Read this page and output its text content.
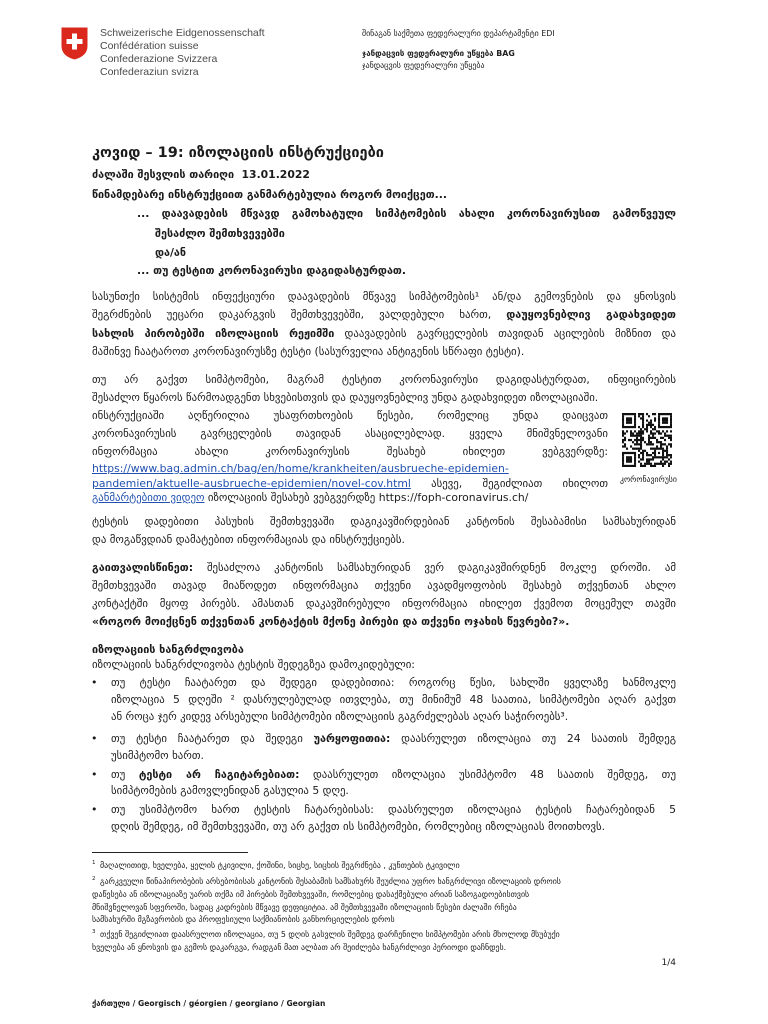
Schweizerische Eidgenossenschaft
Confédération suisse
Confederazione Svizzera
Confederaziun svizra
შინაგან საქმეთა ფედერალური დეპარტამენტი EDI
ჯანდაცვის ფედერალური უწყება BAG
ჯანდაცვის ფედერალური უწყება
კოვიდ – 19: იზოლაციის ინსტრუქციები
ძალაში შესვლის თარიღი  13.01.2022
წინამდებარე ინსტრუქციით განმარტებულია როგორ მოიქცეთ...
... დაავადების მწვავდ გამოხატული სიმპტომების ახალი კორონავირუსით გამოწვეულ
შესაძლო შემთხვევებში
და/ან
... თუ ტესტით კორონავირუსი დაგიდასტურდათ.
სასუნთქი სისტემის ინფექციური დაავადების მწვავე სიმპტომების¹ ან/და გემოვნების და ყნოსვის
შეგრძნების უეცარი დაკარგვის შემთხვევებში, ვალდებული ხართ, დაუყოვნებლივ გადახვიდეთ
სახლის პირობებში იზოლაციის რეჟიმში დაავადების გავრცელების თავიდან აცილების მიზნით და
მაშინვე ჩაატაროთ კორონავირუსზე ტესტი (სასურველია ანტიგენის სწრაფი ტესტი).
თუ არ გაქვთ სიმპტომები, მაგრამ ტესტით კორონავირუსი დაგიდასტურდათ, ინფიცირების
შესაძლო წყაროს წარმოადგენთ სხვებისთვის და დაუყოვნებლივ უნდა გადახვიდეთ იზოლაციაში.
ინსტრუქციაში აღწერილია უსაფრთხოების წესები, რომელიც უნდა დაიცვათ
კორონავირუსის გავრცელების თავიდან ასაცილებლად. ყველა მნიშვნელოვანი
ინფორმაცია ახალი კორონავირუსის შესახებ იხილეთ ვებგვერდზე:
https://www.bag.admin.ch/bag/en/home/krankheiten/ausbrueche-epidemien-
pandemien/aktuelle-ausbrueche-epidemien/novel-cov.html ასევე, შეგიძლიათ იხილოთ
განმარტებითი ვიდეო იზოლაციის შესახებ ვებგვერდზე https://foph-coronavirus.ch/
კორონავირუსი
ტესტის დადებითი პასუხის შემთხვევაში დაგიკავშირდებიან კანტონის შესაბამისი სამსახურიდან
და მოგაწვდიან დამატებით ინფორმაციას და ინსტრუქციებს.
გაითვალისწინეთ: შესაძლოა კანტონის სამსახურიდან ვერ დაგიკავშირდნენ მოკლე დროში. ამ
შემთხვევაში თავად მიაწოდეთ ინფორმაცია თქვენი ავადმყოფობის შესახებ თქვენთან ახლო
კონტაქტში მყოფ პირებს. ამასთან დაკავშირებული ინფორმაცია იხილეთ ქვემოთ მოცემულ თავში
«როგორ მოიქცნენ თქვენთან კონტაქტის მქონე პირები და თქვენი ოჯახის წევრები?».
იზოლაციის ხანგრძლივობა
იზოლაციის ხანგრძლივობა ტესტის შედეგზეა დამოკიდებული:
• თუ ტესტი ჩაატარეთ და შედეგი დადებითია: როგორც წესი, სახლში ყველაზე ხანმოკლე
იზოლაცია 5 დღეში ² დასრულებულად ითვლება, თუ მინიმუმ 48 საათია, სიმპტომები აღარ გაქვთ
ან როცა ჯერ კიდევ არსებული სიმპტომები იზოლაციის გაგრძელებას აღარ საჭიროებს³.
• თუ ტესტი ჩაატარეთ და შედეგი უარყოფითია: დაასრულეთ იზოლაცია თუ 24 საათის შემდეგ
უსიმპტომო ხართ.
• თუ ტესტი არ ჩაგიტარებიათ: დაასრულეთ იზოლაცია უსიმპტომო 48 საათის შემდეგ, თუ
სიმპტომების გამოვლენიდან გასულია 5 დღე.
• თუ უსიმპტომო ხართ ტესტის ჩატარებისას: დაასრულეთ იზოლაცია ტესტის ჩატარებიდან 5
დღის შემდეგ, იმ შემთხვევაში, თუ არ გაქვთ ის სიმპტომები, რომლებიც იზოლაციას მოითხოვს.
1 მაღალითიდ, ხველება, ყელის ტკივილი, ქოშინი, სიცხე, სიცხის შეგრძნება , კუნთების ტკივილი
2 გარკვეული წინაპირობების არსებობისას კანტონის შესაბამის სამსახურს შეუძლია უფრო ხანგრძლივი იზოლაციის დროის
დაწესება ან იზოლაციაზე უარის თქმა იმ პირების შემთხვევაში, რომლებიც დასაქმებული არიან საზოგადოებისთვის
მნიშვნელოვან სფეროში, სადაც კადრების მწვავე დეფიციტია. ამ შემთხვევაში იზოლაციის წესები ძალაში რჩება
სამსახურში მგზავრობის და პროფესიული საქმიანობის განხორციელების დროს
3 თქვენ შეგიძლიათ დაასრულოთ იზოლაცია, თუ 5 დღის გასვლის შემდეგ დარჩენილი სიმპტომები არის მხოლოდ მსუბუქი
ხველება ან ყნოსვის და გემოს დაკარგვა, რადგან მათ ალბათ არ შეიძლება ხანგრძლივი პერიოდი დაჩნდეს.
1/4
ქართული / Georgisch / géorgien / georgiano / Georgian
